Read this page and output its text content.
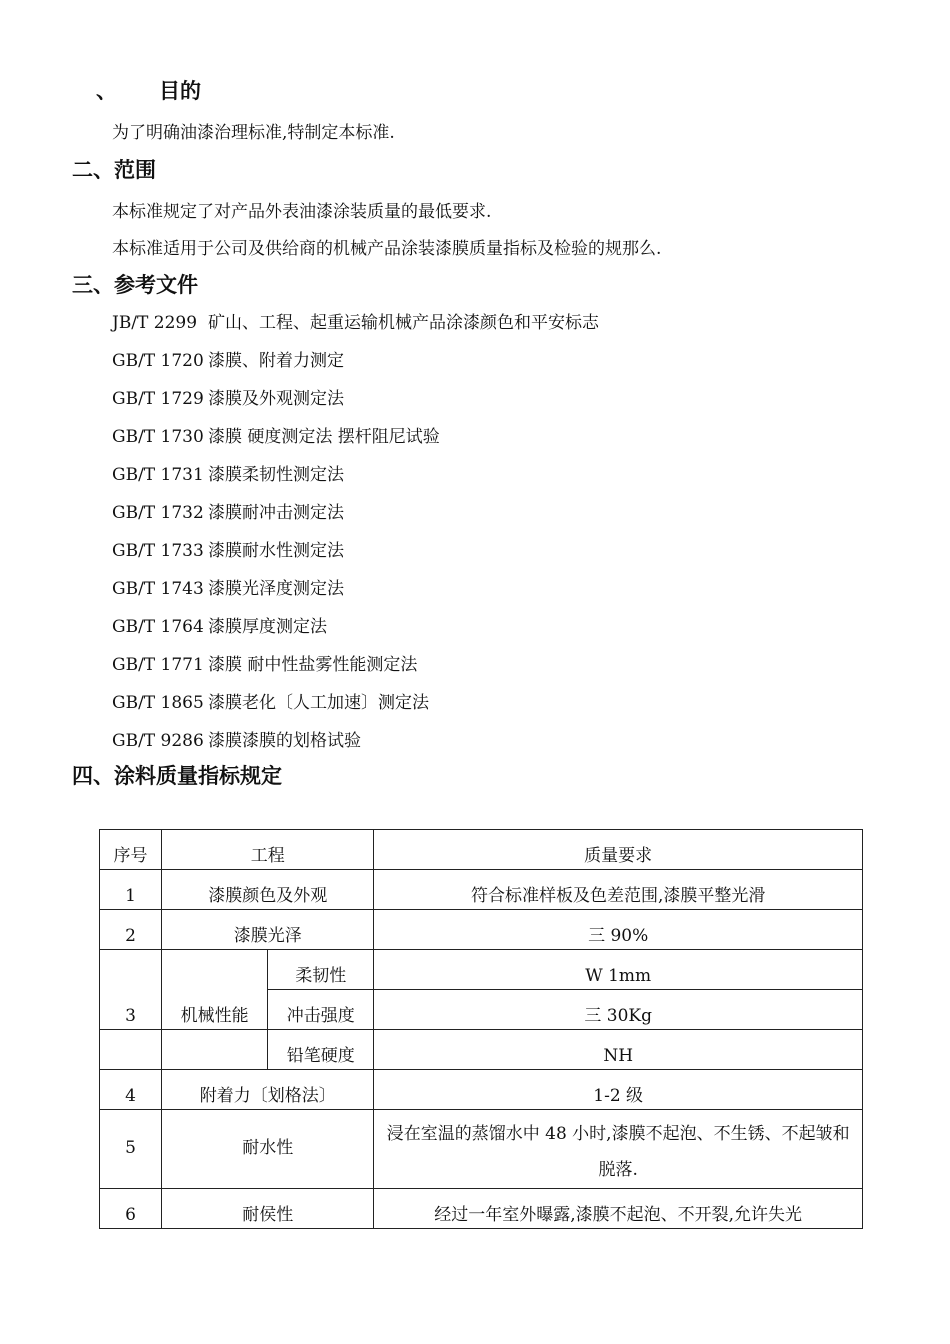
、 目的
为了明确油漆治理标准,特制定本标准.
二、范围
本标准规定了对产品外表油漆涂装质量的最低要求.
本标准适用于公司及供给商的机械产品涂装漆膜质量指标及检验的规那么.
三、参考文件
JB/T 2299 矿山、工程、起重运输机械产品涂漆颜色和平安标志
GB/T 1720 漆膜、附着力测定
GB/T 1729 漆膜及外观测定法
GB/T 1730 漆膜 硬度测定法 摆杆阻尼试验
GB/T 1731 漆膜柔韧性测定法
GB/T 1732 漆膜耐冲击测定法
GB/T 1733 漆膜耐水性测定法
GB/T 1743 漆膜光泽度测定法
GB/T 1764 漆膜厚度测定法
GB/T 1771 漆膜 耐中性盐雾性能测定法
GB/T 1865 漆膜老化〔人工加速〕测定法
GB/T 9286 漆膜漆膜的划格试验
四、涂料质量指标规定
序号	工程		质量要求
1	漆膜颜色及外观		符合标准样板及色差范围,漆膜平整光滑
2	漆膜光泽		三 90%
		柔韧性	W 1mm
3	机械性能	冲击强度	三 30Kg
		铅笔硬度	NH
4	附着力〔划格法〕		1-2 级
5	耐水性		浸在室温的蒸馏水中 48 小时,漆膜不起泡、不生锈、不起皱和脱落.
6	耐侯性		经过一年室外曝露,漆膜不起泡、不开裂,允许失光
